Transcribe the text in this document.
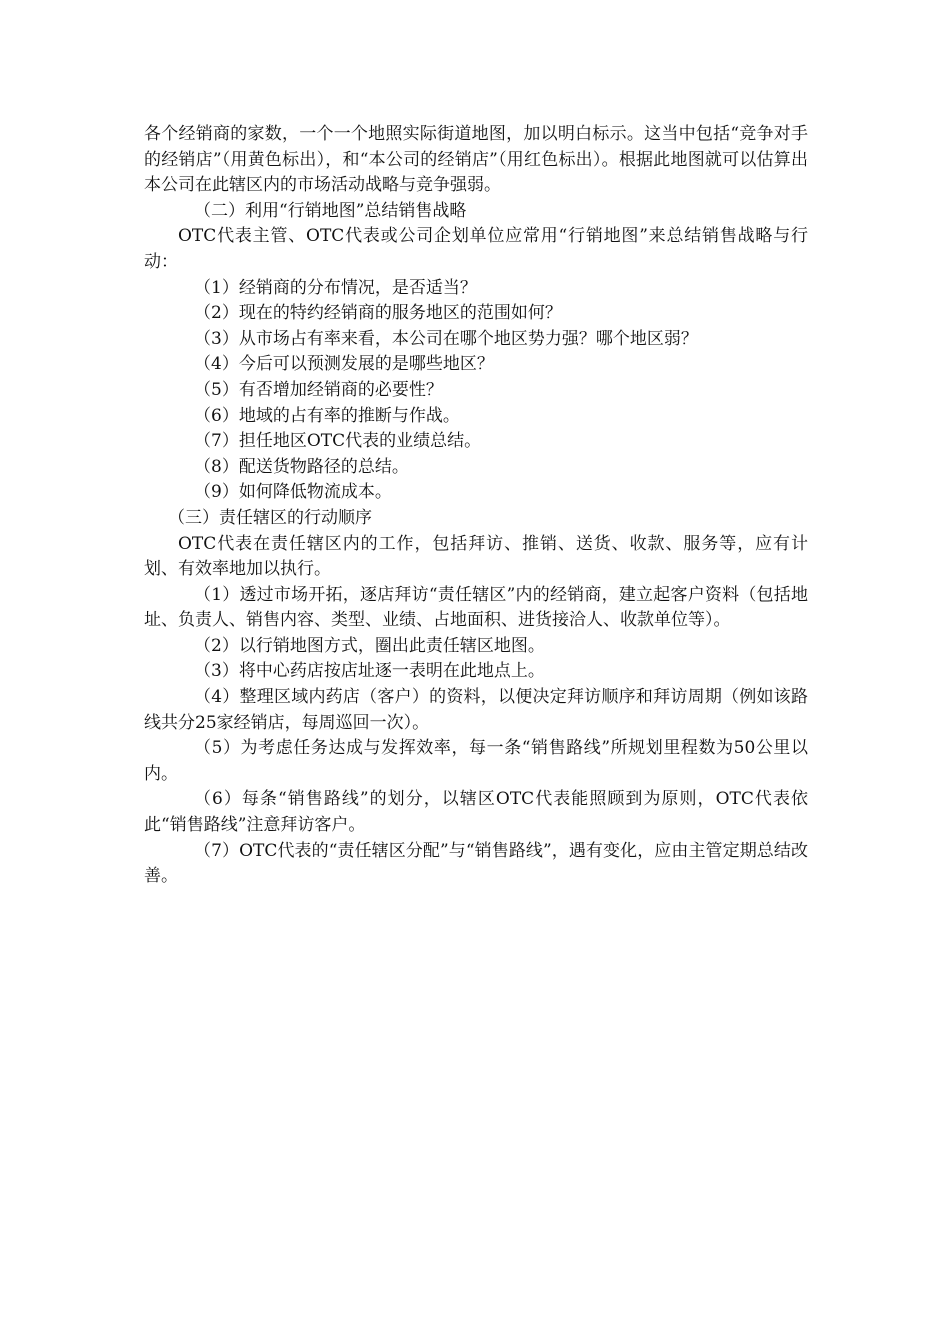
各个经销商的家数，一个一个地照实际街道地图，加以明白标示。这当中包括“竞争对手的经销店”（用黄色标出），和“本公司的经销店”（用红色标出）。根据此地图就可以估算出本公司在此辖区内的市场活动战略与竞争强弱。

（二）利用“行销地图”总结销售战略

OTC代表主管、OTC代表或公司企划单位应常用“行销地图”来总结销售战略与行动：

（1）经销商的分布情况，是否适当？

（2）现在的特约经销商的服务地区的范围如何？

（3）从市场占有率来看，本公司在哪个地区势力强？哪个地区弱？

（4）今后可以预测发展的是哪些地区？

（5）有否增加经销商的必要性？

（6）地域的占有率的推断与作战。

（7）担任地区OTC代表的业绩总结。

（8）配送货物路径的总结。

（9）如何降低物流成本。

（三）责任辖区的行动顺序

OTC代表在责任辖区内的工作，包括拜访、推销、送货、收款、服务等，应有计划、有效率地加以执行。

（1）透过市场开拓，逐店拜访“责任辖区”内的经销商，建立起客户资料（包括地址、负责人、销售内容、类型、业绩、占地面积、进货接洽人、收款单位等）。

（2）以行销地图方式，圈出此责任辖区地图。

（3）将中心药店按店址逐一表明在此地点上。

（4）整理区域内药店（客户）的资料，以便决定拜访顺序和拜访周期（例如该路线共分25家经销店，每周巡回一次）。

（5）为考虑任务达成与发挥效率，每一条“销售路线”所规划里程数为50公里以内。

（6）每条“销售路线”的划分，以辖区OTC代表能照顾到为原则，OTC代表依此“销售路线”注意拜访客户。

（7）OTC代表的“责任辖区分配”与“销售路线”，遇有变化，应由主管定期总结改善。
